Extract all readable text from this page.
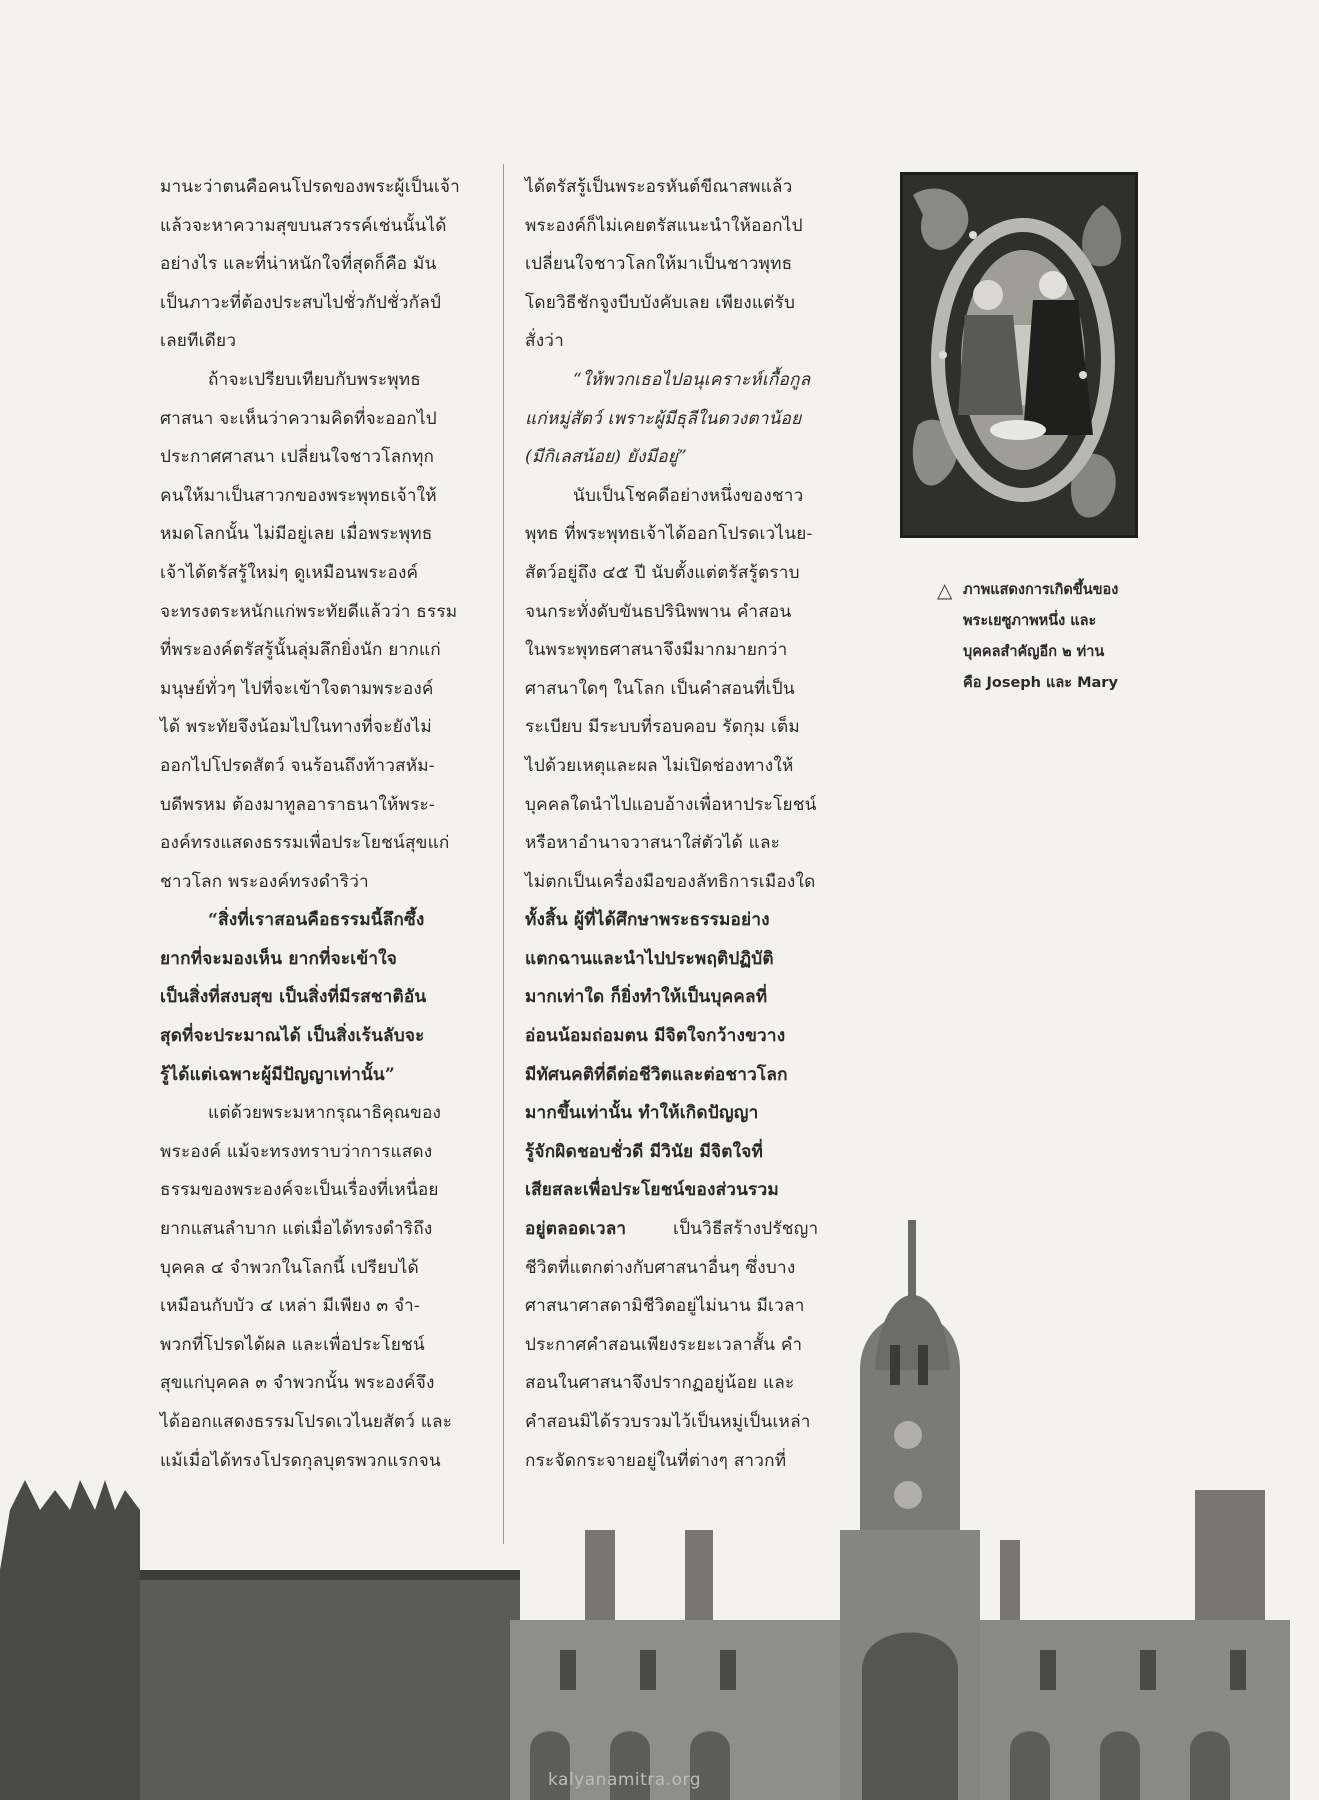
มานะว่าตนคือคนโปรดของพระผู้เป็นเจ้า
แล้วจะหาความสุขบนสวรรค์เช่นนั้นได้
อย่างไร และที่น่าหนักใจที่สุดก็คือ มัน
เป็นภาวะที่ต้องประสบไปชั่วกัปชั่วกัลป์
เลยทีเดียว

ถ้าจะเปรียบเทียบกับพระพุทธ
ศาสนา จะเห็นว่าความคิดที่จะออกไป
ประกาศศาสนา เปลี่ยนใจชาวโลกทุก
คนให้มาเป็นสาวกของพระพุทธเจ้าให้
หมดโลกนั้น ไม่มีอยู่เลย เมื่อพระพุทธ
เจ้าได้ตรัสรู้ใหม่ๆ ดูเหมือนพระองค์
จะทรงตระหนักแก่พระทัยดีแล้วว่า ธรรม
ที่พระองค์ตรัสรู้นั้นลุ่มลึกยิ่งนัก ยากแก่
มนุษย์ทั่วๆ ไปที่จะเข้าใจตามพระองค์
ได้ พระทัยจึงน้อมไปในทางที่จะยังไม่
ออกไปโปรดสัตว์ จนร้อนถึงท้าวสหัม-
บดีพรหม ต้องมาทูลอาราธนาให้พระ-
องค์ทรงแสดงธรรมเพื่อประโยชน์สุขแก่
ชาวโลก พระองค์ทรงดำริว่า

“สิ่งที่เราสอนคือธรรมนี้ลึกซึ้ง
ยากที่จะมองเห็น ยากที่จะเข้าใจ
เป็นสิ่งที่สงบสุข เป็นสิ่งที่มีรสชาติอัน
สุดที่จะประมาณได้ เป็นสิ่งเร้นลับจะ
รู้ได้แต่เฉพาะผู้มีปัญญาเท่านั้น”

แต่ด้วยพระมหากรุณาธิคุณของ
พระองค์ แม้จะทรงทราบว่าการแสดง
ธรรมของพระองค์จะเป็นเรื่องที่เหนื่อย
ยากแสนลำบาก แต่เมื่อได้ทรงดำริถึง
บุคคล ๔ จำพวกในโลกนี้ เปรียบได้
เหมือนกับบัว ๔ เหล่า มีเพียง ๓ จำ-
พวกที่โปรดได้ผล และเพื่อประโยชน์
สุขแก่บุคคล ๓ จำพวกนั้น พระองค์จึง
ได้ออกแสดงธรรมโปรดเวไนยสัตว์ และ
แม้เมื่อได้ทรงโปรดกุลบุตรพวกแรกจน

ได้ตรัสรู้เป็นพระอรหันต์ขีณาสพแล้ว
พระองค์ก็ไม่เคยตรัสแนะนำให้ออกไป
เปลี่ยนใจชาวโลกให้มาเป็นชาวพุทธ
โดยวิธีชักจูงบีบบังคับเลย เพียงแต่รับ
สั่งว่า

“ให้พวกเธอไปอนุเคราะห์เกื้อกูล
แก่หมู่สัตว์ เพราะผู้มีธุลีในดวงตาน้อย
(มีกิเลสน้อย) ยังมีอยู่”

นับเป็นโชคดีอย่างหนึ่งของชาว
พุทธ ที่พระพุทธเจ้าได้ออกโปรดเวไนย-
สัตว์อยู่ถึง ๔๕ ปี นับตั้งแต่ตรัสรู้ตราบ
จนกระทั่งดับขันธปรินิพพาน คำสอน
ในพระพุทธศาสนาจึงมีมากมายกว่า
ศาสนาใดๆ ในโลก เป็นคำสอนที่เป็น
ระเบียบ มีระบบที่รอบคอบ รัดกุม เต็ม
ไปด้วยเหตุและผล ไม่เปิดช่องทางให้
บุคคลใดนำไปแอบอ้างเพื่อหาประโยชน์
หรือหาอำนาจวาสนาใส่ตัวได้ และ
ไม่ตกเป็นเครื่องมือของลัทธิการเมืองใด

ทั้งสิ้น ผู้ที่ได้ศึกษาพระธรรมอย่าง
แตกฉานและนำไปประพฤติปฏิบัติ
มากเท่าใด ก็ยิ่งทำให้เป็นบุคคลที่
อ่อนน้อมถ่อมตน มีจิตใจกว้างขวาง
มีทัศนคติที่ดีต่อชีวิตและต่อชาวโลก
มากขึ้นเท่านั้น ทำให้เกิดปัญญา
รู้จักผิดชอบชั่วดี มีวินัย มีจิตใจที่
เสียสละเพื่อประโยชน์ของส่วนรวม
อยู่ตลอดเวลา	เป็นวิธีสร้างปรัชญา
ชีวิตที่แตกต่างกับศาสนาอื่นๆ ซึ่งบาง
ศาสนาศาสดามิชีวิตอยู่ไม่นาน มีเวลา
ประกาศคำสอนเพียงระยะเวลาสั้น คำ
สอนในศาสนาจึงปรากฏอยู่น้อย และ
คำสอนมิได้รวบรวมไว้เป็นหมู่เป็นเหล่า
กระจัดกระจายอยู่ในที่ต่างๆ สาวกที่

ภาพแสดงการเกิดขึ้นของ
พระเยซูภาพหนึ่ง และ
บุคคลสำคัญอีก ๒ ท่าน
คือ Joseph และ Mary
△
kalyanamitra.org
